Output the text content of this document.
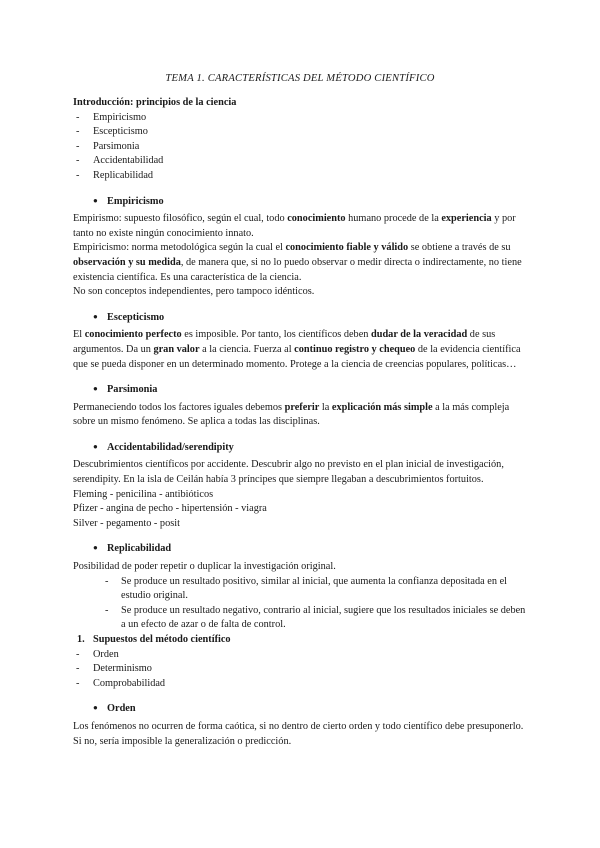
TEMA 1. CARACTERÍSTICAS DEL MÉTODO CIENTÍFICO
Introducción: principios de la ciencia
- Empiricismo
- Escepticismo
- Parsimonia
- Accidentabilidad
- Replicabilidad
● Empiricismo

Empirismo: supuesto filosófico, según el cual, todo conocimiento humano procede de la experiencia y por tanto no existe ningún conocimiento innato.

Empiricismo: norma metodológica según la cual el conocimiento fiable y válido se obtiene a través de su observación y su medida, de manera que, si no lo puedo observar o medir directa o indirectamente, no tiene existencia científica. Es una característica de la ciencia.

No son conceptos independientes, pero tampoco idénticos.

● Escepticismo

El conocimiento perfecto es imposible. Por tanto, los científicos deben dudar de la veracidad de sus argumentos. Da un gran valor a la ciencia. Fuerza al continuo registro y chequeo de la evidencia científica que se pueda disponer en un determinado momento. Protege a la ciencia de creencias populares, políticas…

● Parsimonia

Permaneciendo todos los factores iguales debemos preferir la explicación más simple a la más compleja sobre un mismo fenómeno. Se aplica a todas las disciplinas.

● Accidentabilidad/serendipity

Descubrimientos científicos por accidente. Descubrir algo no previsto en el plan inicial de investigación, serendipity. En la isla de Ceilán había 3 príncipes que siempre llegaban a descubrimientos fortuitos.

Fleming - penicilina - antibióticos

Pfizer - angina de pecho - hipertensión - viagra

Silver - pegamento - posit

● Replicabilidad

Posibilidad de poder repetir o duplicar la investigación original.

- Se produce un resultado positivo, similar al inicial, que aumenta la confianza depositada en el estudio original.
- Se produce un resultado negativo, contrario al inicial, sugiere que los resultados iniciales se deben a un efecto de azar o de falta de control.
1. Supuestos del método científico
- Orden
- Determinismo
- Comprobabilidad
● Orden

Los fenómenos no ocurren de forma caótica, si no dentro de cierto orden y todo científico debe presuponerlo. Si no, sería imposible la generalización o predicción.
